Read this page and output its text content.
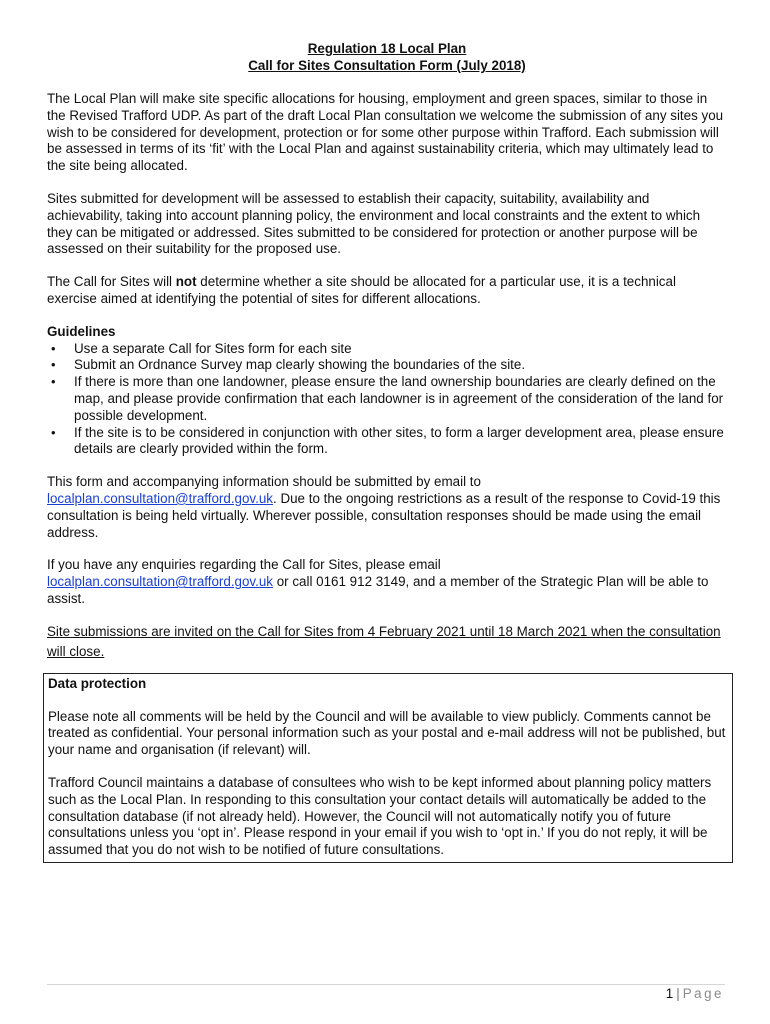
Regulation 18 Local Plan

Call for Sites Consultation Form (July 2018)

The Local Plan will make site specific allocations for housing, employment and green spaces, similar to those in the Revised Trafford UDP. As part of the draft Local Plan consultation we welcome the submission of any sites you wish to be considered for development, protection or for some other purpose within Trafford. Each submission will be assessed in terms of its ‘fit’ with the Local Plan and against sustainability criteria, which may ultimately lead to the site being allocated.

Sites submitted for development will be assessed to establish their capacity, suitability, availability and achievability, taking into account planning policy, the environment and local constraints and the extent to which they can be mitigated or addressed. Sites submitted to be considered for protection or another purpose will be assessed on their suitability for the proposed use.

The Call for Sites will not determine whether a site should be allocated for a particular use, it is a technical exercise aimed at identifying the potential of sites for different allocations.

Guidelines

• Use a separate Call for Sites form for each site
• Submit an Ordnance Survey map clearly showing the boundaries of the site.
• If there is more than one landowner, please ensure the land ownership boundaries are clearly defined on the map, and please provide confirmation that each landowner is in agreement of the consideration of the land for possible development.
• If the site is to be considered in conjunction with other sites, to form a larger development area, please ensure details are clearly provided within the form.

This form and accompanying information should be submitted by email to
localplan.consultation@trafford.gov.uk. Due to the ongoing restrictions as a result of the response to Covid-19 this consultation is being held virtually. Wherever possible, consultation responses should be made using the email address.

If you have any enquiries regarding the Call for Sites, please email
localplan.consultation@trafford.gov.uk or call 0161 912 3149, and a member of the Strategic Plan will be able to assist.

Site submissions are invited on the Call for Sites from 4 February 2021 until 18 March 2021 when the consultation will close.

Data protection

Please note all comments will be held by the Council and will be available to view publicly. Comments cannot be treated as confidential. Your personal information such as your postal and e-mail address will not be published, but your name and organisation (if relevant) will.

Trafford Council maintains a database of consultees who wish to be kept informed about planning policy matters such as the Local Plan. In responding to this consultation your contact details will automatically be added to the consultation database (if not already held). However, the Council will not automatically notify you of future consultations unless you ‘opt in’. Please respond in your email if you wish to ‘opt in.’ If you do not reply, it will be assumed that you do not wish to be notified of future consultations.

1 | Page
